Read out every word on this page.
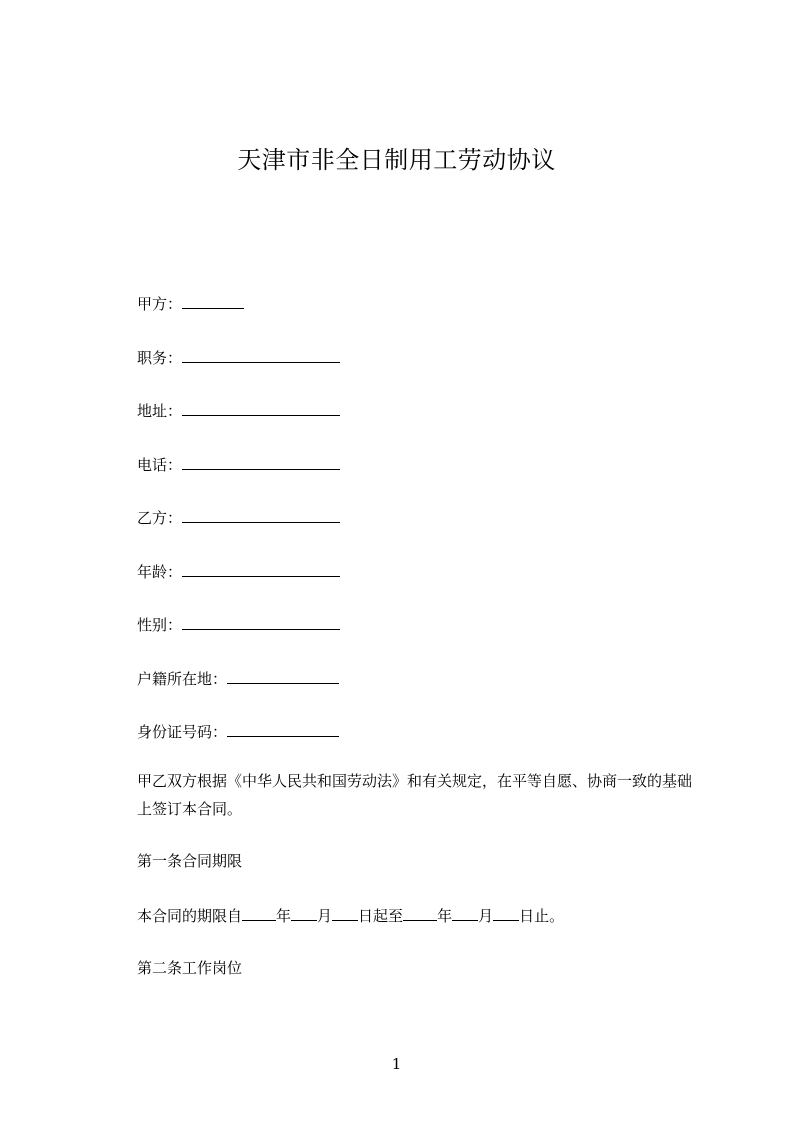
天津市非全日制用工劳动协议
甲方：
职务：
地址：
电话：
乙方：
年龄：
性别：
户籍所在地：
身份证号码：
甲乙双方根据《中华人民共和国劳动法》和有关规定，在平等自愿、协商一致的基础上签订本合同。
第一条合同期限
本合同的期限自 年 月 日起至 年 月 日止。
第二条工作岗位
1
